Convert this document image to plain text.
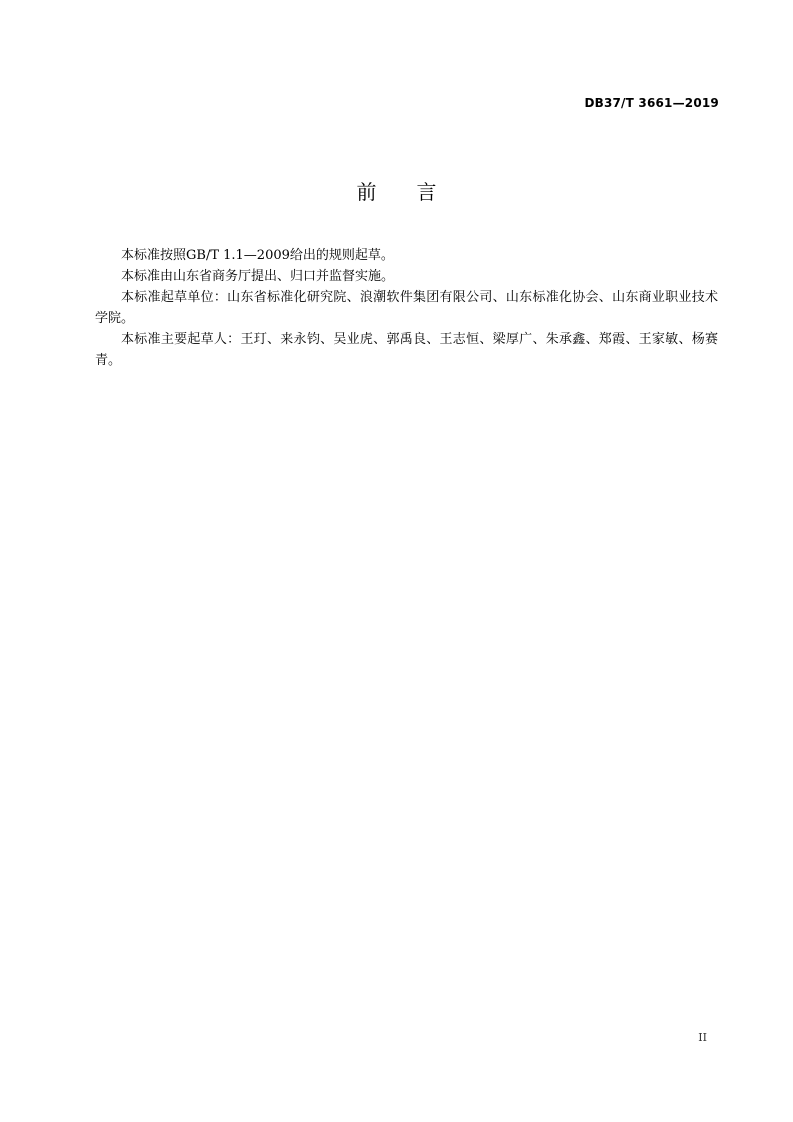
DB37/T 3661—2019
前 言

本标准按照GB/T 1.1—2009给出的规则起草。

本标准由山东省商务厅提出、归口并监督实施。

本标准起草单位：山东省标准化研究院、浪潮软件集团有限公司、山东标准化协会、山东商业职业技术学院。

本标准主要起草人：王玎、来永钧、吴业虎、郭禹良、王志恒、梁厚广、朱承鑫、郑霞、王家敏、杨赛青。

II
